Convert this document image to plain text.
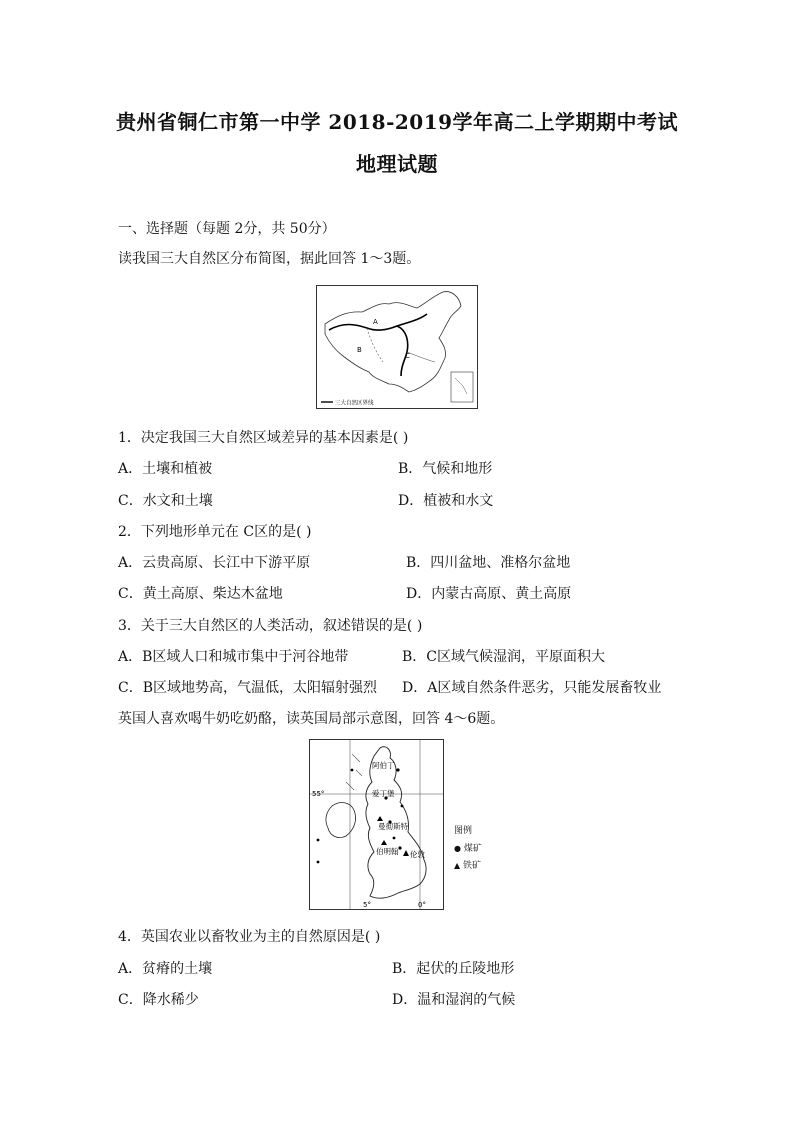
贵州省铜仁市第一中学 2018-2019学年高二上学期期中考试
地理试题
一、选择题（每题 2分，共 50分）
读我国三大自然区分布简图，据此回答 1～3题。
A
B
C
三大自然区界线
1．决定我国三大自然区域差异的基本因素是( )
A．土壤和植被	B．气候和地形
C．水文和土壤	D．植被和水文
2．下列地形单元在 C区的是( )
A．云贵高原、长江中下游平原	B．四川盆地、准格尔盆地
C．黄土高原、柴达木盆地	D．内蒙古高原、黄土高原
3．关于三大自然区的人类活动，叙述错误的是( )
A．B区域人口和城市集中于河谷地带	B．C区域气候湿润，平原面积大
C．B区域地势高，气温低，太阳辐射强烈 D．A区域自然条件恶劣，只能发展畜牧业
英国人喜欢喝牛奶吃奶酪，读英国局部示意图，回答 4～6题。
55°
5°	0°
阿伯丁
爱丁堡
曼彻斯特
伯明翰 伦敦
图例
● 煤矿
▲ 铁矿
4．英国农业以畜牧业为主的自然原因是( )
A．贫瘠的土壤	B．起伏的丘陵地形
C．降水稀少	D．温和湿润的气候
